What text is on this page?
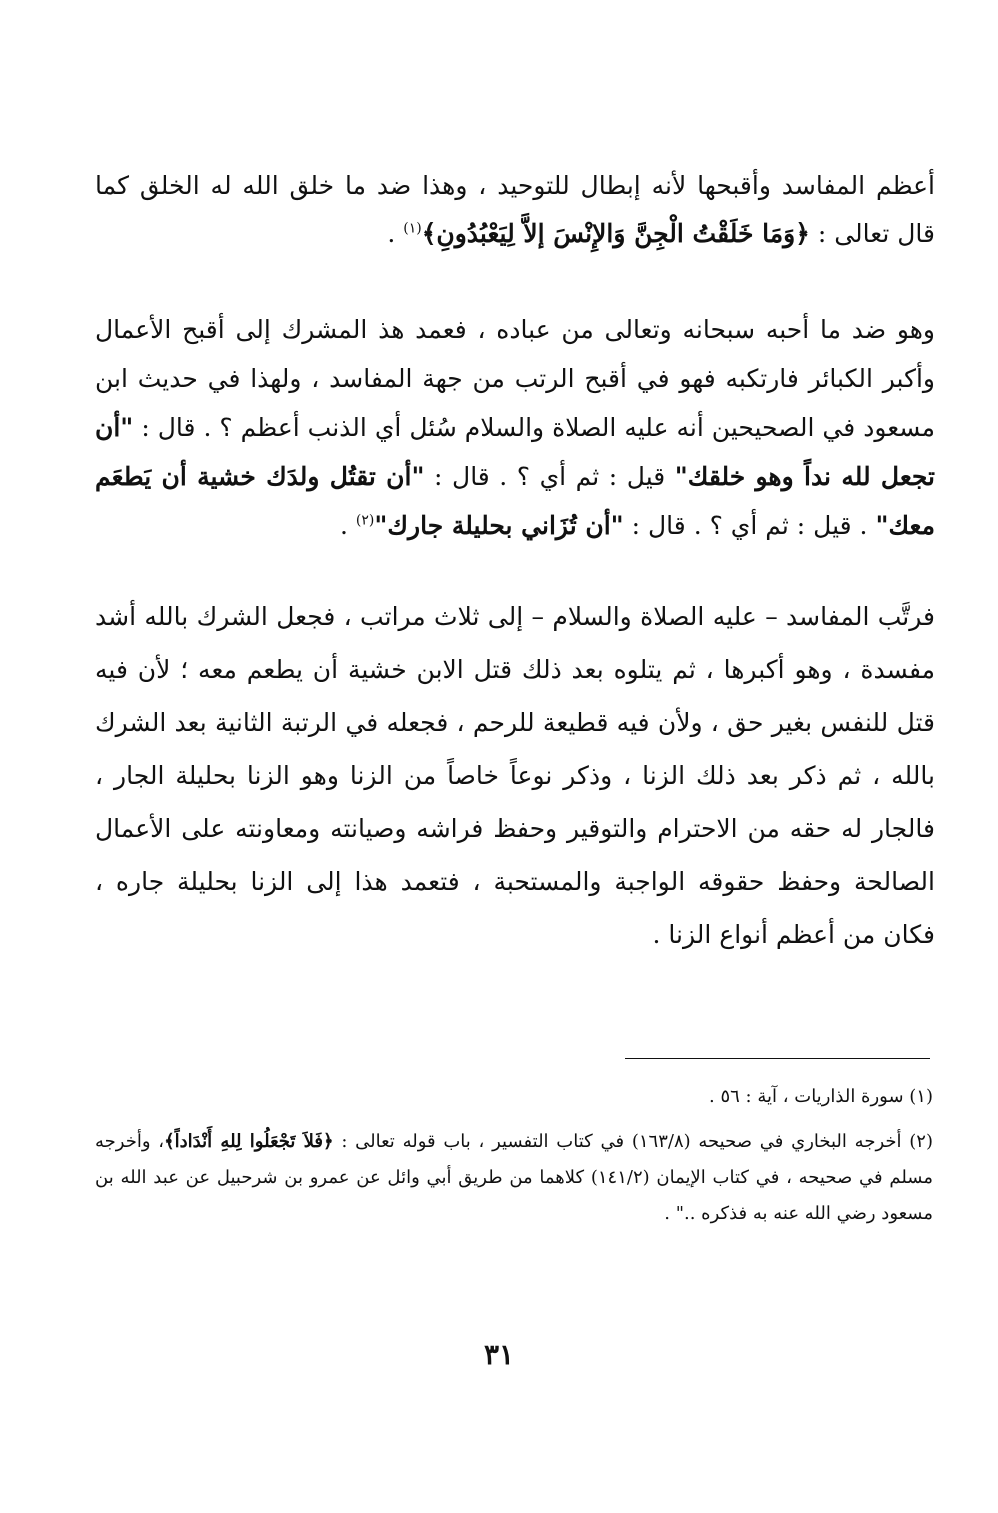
أعظم المفاسد وأقبحها لأنه إبطال للتوحيد ، وهذا ضد ما خلق الله له الخلق كما قال تعالى : ﴿وَمَا خَلَقْتُ الْجِنَّ وَالإِنْسَ إلاَّ لِيَعْبُدُونِ﴾$^{(١)}$ .

وهو ضد ما أحبه سبحانه وتعالى من عباده ، فعمد هذ المشرك إلى أقبح الأعمال وأكبر الكبائر فارتكبه فهو في أقبح الرتب من جهة المفاسد ، ولهذا في حديث ابن مسعود في الصحيحين أنه عليه الصلاة والسلام سُئل أي الذنب أعظم ؟ . قال : "أن تجعل لله نداً وهو خلقك" قيل : ثم أي ؟ . قال : "أن تقتُل ولدَك خشية أن يَطعَم معك" . قيل : ثم أي ؟ . قال : "أن تُزَاني بحليلة جارك"$^{(٢)}$ .

فرتَّب المفاسد – عليه الصلاة والسلام – إلى ثلاث مراتب ، فجعل الشرك بالله أشد مفسدة ، وهو أكبرها ، ثم يتلوه بعد ذلك قتل الابن خشية أن يطعم معه ؛ لأن فيه قتل للنفس بغير حق ، ولأن فيه قطيعة للرحم ، فجعله في الرتبة الثانية بعد الشرك بالله ، ثم ذكر بعد ذلك الزنا ، وذكر نوعاً خاصاً من الزنا وهو الزنا بحليلة الجار ، فالجار له حقه من الاحترام والتوقير وحفظ فراشه وصيانته ومعاونته على الأعمال الصالحة وحفظ حقوقه الواجبة والمستحبة ، فتعمد هذا إلى الزنا بحليلة جاره ، فكان من أعظم أنواع الزنا .

(١) سورة الذاريات ، آية : ٥٦ .

(٢) أخرجه البخاري في صحيحه (١٦٣/٨) في كتاب التفسير ، باب قوله تعالى : ﴿فَلاَ تَجْعَلُوا لِلهِ أَنْدَاداً﴾، وأخرجه مسلم في صحيحه ، في كتاب الإيمان (١٤١/٢) كلاهما من طريق أبي وائل عن عمرو بن شرحبيل عن عبد الله بن مسعود رضي الله عنه به فذكره .." .

٣١
